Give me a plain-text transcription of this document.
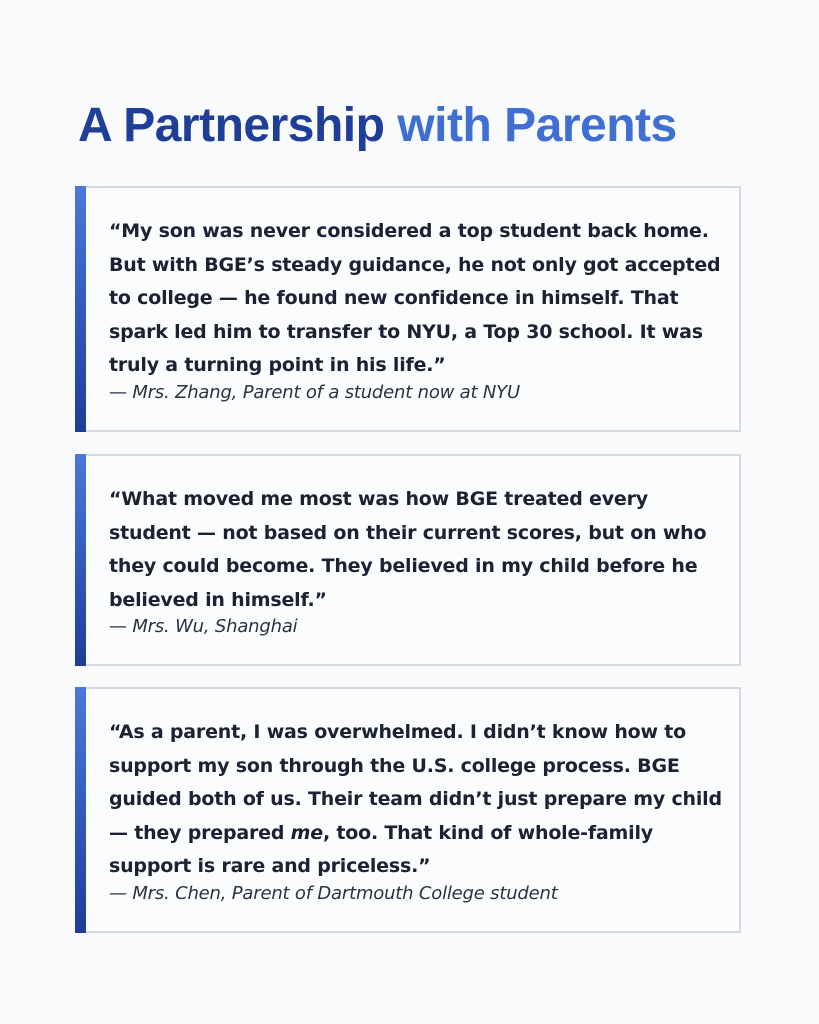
A Partnership with Parents

“My son was never considered a top student back home. But with BGE’s steady guidance, he not only got accepted to college — he found new confidence in himself. That spark led him to transfer to NYU, a Top 30 school. It was truly a turning point in his life.”

— Mrs. Zhang, Parent of a student now at NYU

“What moved me most was how BGE treated every student — not based on their current scores, but on who they could become. They believed in my child before he believed in himself.”

— Mrs. Wu, Shanghai

“As a parent, I was overwhelmed. I didn’t know how to support my son through the U.S. college process. BGE guided both of us. Their team didn’t just prepare my child — they prepared me, too. That kind of whole-family support is rare and priceless.”

— Mrs. Chen, Parent of Dartmouth College student
